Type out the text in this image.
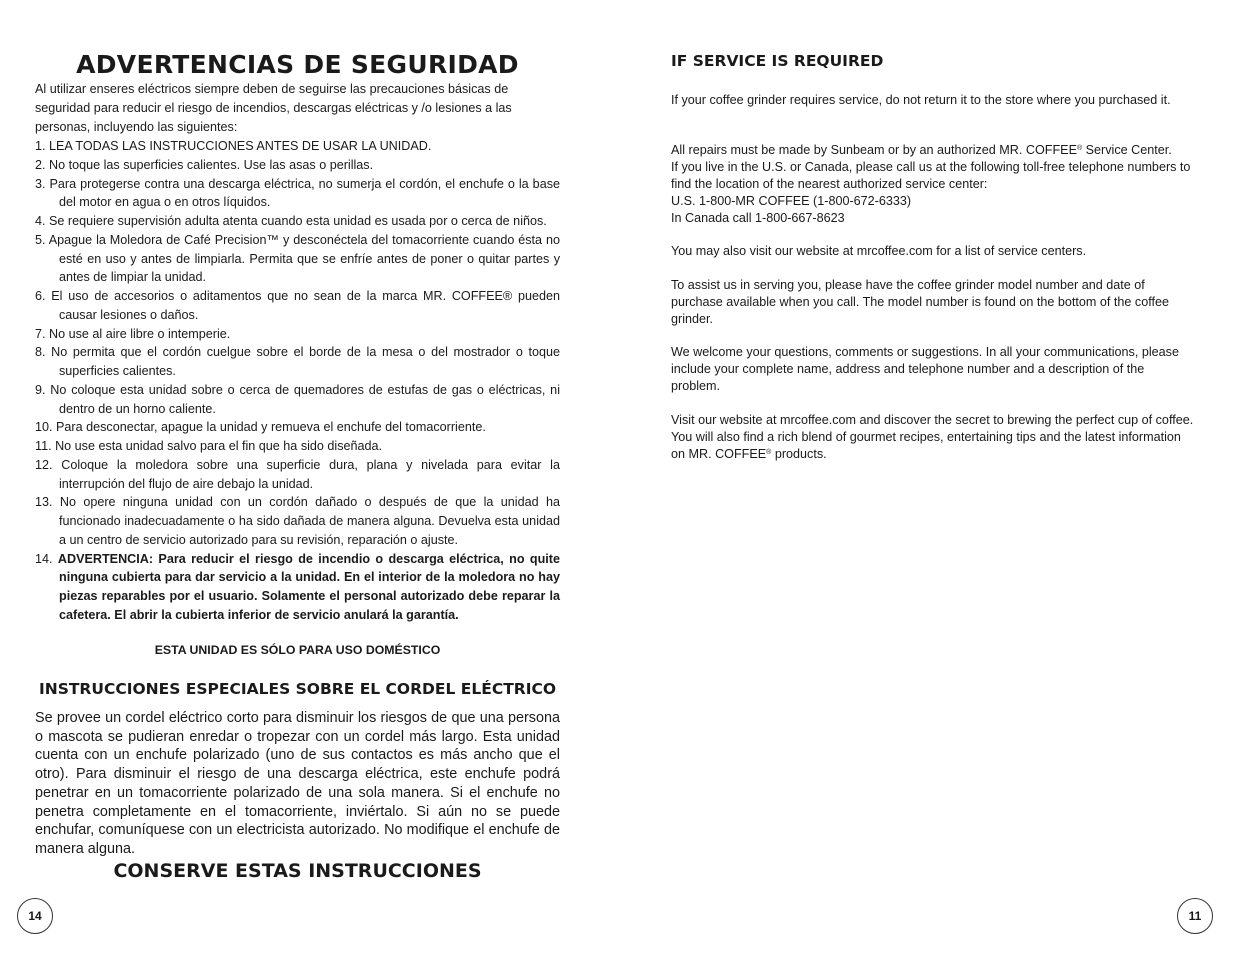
ADVERTENCIAS DE SEGURIDAD

Al utilizar enseres eléctricos siempre deben de seguirse las precauciones básicas de seguridad para reducir el riesgo de incendios, descargas eléctricas y /o lesiones a las personas, incluyendo las siguientes:

1. LEA TODAS LAS INSTRUCCIONES ANTES DE USAR LA UNIDAD.
2. No toque las superficies calientes. Use las asas o perillas.
3. Para protegerse contra una descarga eléctrica, no sumerja el cordón, el enchufe o la base del motor en agua o en otros líquidos.
4. Se requiere supervisión adulta atenta cuando esta unidad es usada por o cerca de niños.
5. Apague la Moledora de Café Precision™ y desconéctela del tomacorriente cuando ésta no esté en uso y antes de limpiarla. Permita que se enfríe antes de poner o quitar partes y antes de limpiar la unidad.
6. El uso de accesorios o aditamentos que no sean de la marca MR. COFFEE® pueden causar lesiones o daños.
7. No use al aire libre o intemperie.
8. No permita que el cordón cuelgue sobre el borde de la mesa o del mostrador o toque superficies calientes.
9. No coloque esta unidad sobre o cerca de quemadores de estufas de gas o eléctricas, ni dentro de un horno caliente.
10. Para desconectar, apague la unidad y remueva el enchufe del tomacorriente.
11. No use esta unidad salvo para el fin que ha sido diseñada.
12. Coloque la moledora sobre una superficie dura, plana y nivelada para evitar la interrupción del flujo de aire debajo la unidad.
13. No opere ninguna unidad con un cordón dañado o después de que la unidad ha funcionado inadecuadamente o ha sido dañada de manera alguna. Devuelva esta unidad a un centro de servicio autorizado para su revisión, reparación o ajuste.
14. ADVERTENCIA: Para reducir el riesgo de incendio o descarga eléctrica, no quite ninguna cubierta para dar servicio a la unidad. En el interior de la moledora no hay piezas reparables por el usuario. Solamente el personal autorizado debe reparar la cafetera. El abrir la cubierta inferior de servicio anulará la garantía.
ESTA UNIDAD ES SÓLO PARA USO DOMÉSTICO
INSTRUCCIONES ESPECIALES SOBRE EL CORDEL ELÉCTRICO

Se provee un cordel eléctrico corto para disminuir los riesgos de que una persona o mascota se pudieran enredar o tropezar con un cordel más largo. Esta unidad cuenta con un enchufe polarizado (uno de sus contactos es más ancho que el otro). Para disminuir el riesgo de una descarga eléctrica, este enchufe podrá penetrar en un tomacorriente polarizado de una sola manera. Si el enchufe no penetra completamente en el tomacorriente, inviértalo. Si aún no se puede enchufar, comuníquese con un electricista autorizado. No modifique el enchufe de manera alguna.

CONSERVE ESTAS INSTRUCCIONES
14
IF SERVICE IS REQUIRED

If your coffee grinder requires service, do not return it to the store where you purchased it.

All repairs must be made by Sunbeam or by an authorized MR. COFFEE® Service Center.
If you live in the U.S. or Canada, please call us at the following toll-free telephone numbers to find the location of the nearest authorized service center:
U.S. 1-800-MR COFFEE (1-800-672-6333)
In Canada call 1-800-667-8623

You may also visit our website at mrcoffee.com for a list of service centers.

To assist us in serving you, please have the coffee grinder model number and date of purchase available when you call. The model number is found on the bottom of the coffee grinder.

We welcome your questions, comments or suggestions. In all your communications, please include your complete name, address and telephone number and a description of the problem.

Visit our website at mrcoffee.com and discover the secret to brewing the perfect cup of coffee. You will also find a rich blend of gourmet recipes, entertaining tips and the latest information on MR. COFFEE® products.

11
